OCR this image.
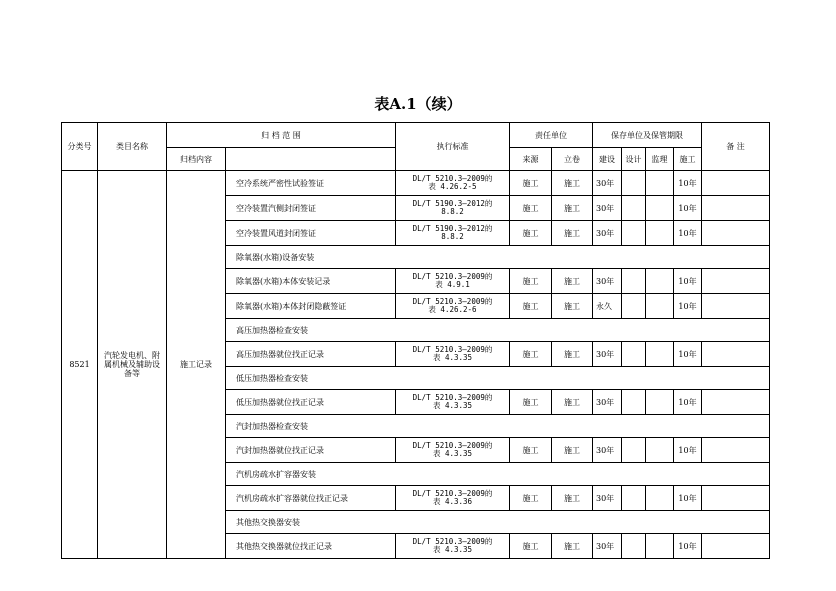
表A.1（续）
分类号	类目名称	归 档 范 围		执行标准	责任单位		保存单位及保管期限				备 注
		归档内容			来源	立卷	建设	设计	监理	施工	
8521	汽轮发电机、附属机械及辅助设备等	施工记录	空冷系统严密性试验签证	DL/T 5210.3—2009的
表 4.26.2-5	施工	施工	30年			10年	
			空冷装置汽侧封闭签证	DL/T 5190.3—2012的
8.8.2	施工	施工	30年			10年	
			空冷装置风道封闭签证	DL/T 5190.3—2012的
8.8.2	施工	施工	30年			10年	
			除氧器(水箱)设备安装								
			除氧器(水箱)本体安装记录	DL/T 5210.3—2009的
表 4.9.1	施工	施工	30年			10年	
			除氧器(水箱)本体封闭隐蔽签证	DL/T 5210.3—2009的
表 4.26.2-6	施工	施工	永久			10年	
			高压加热器检查安装								
			高压加热器就位找正记录	DL/T 5210.3—2009的
表 4.3.35	施工	施工	30年			10年	
			低压加热器检查安装								
			低压加热器就位找正记录	DL/T 5210.3—2009的
表 4.3.35	施工	施工	30年			10年	
			汽封加热器检查安装								
			汽封加热器就位找正记录	DL/T 5210.3—2009的
表 4.3.35	施工	施工	30年			10年	
			汽机房疏水扩容器安装								
			汽机房疏水扩容器就位找正记录	DL/T 5210.3—2009的
表 4.3.36	施工	施工	30年			10年	
			其他热交换器安装								
			其他热交换器就位找正记录	DL/T 5210.3—2009的
表 4.3.35	施工	施工	30年			10年	
